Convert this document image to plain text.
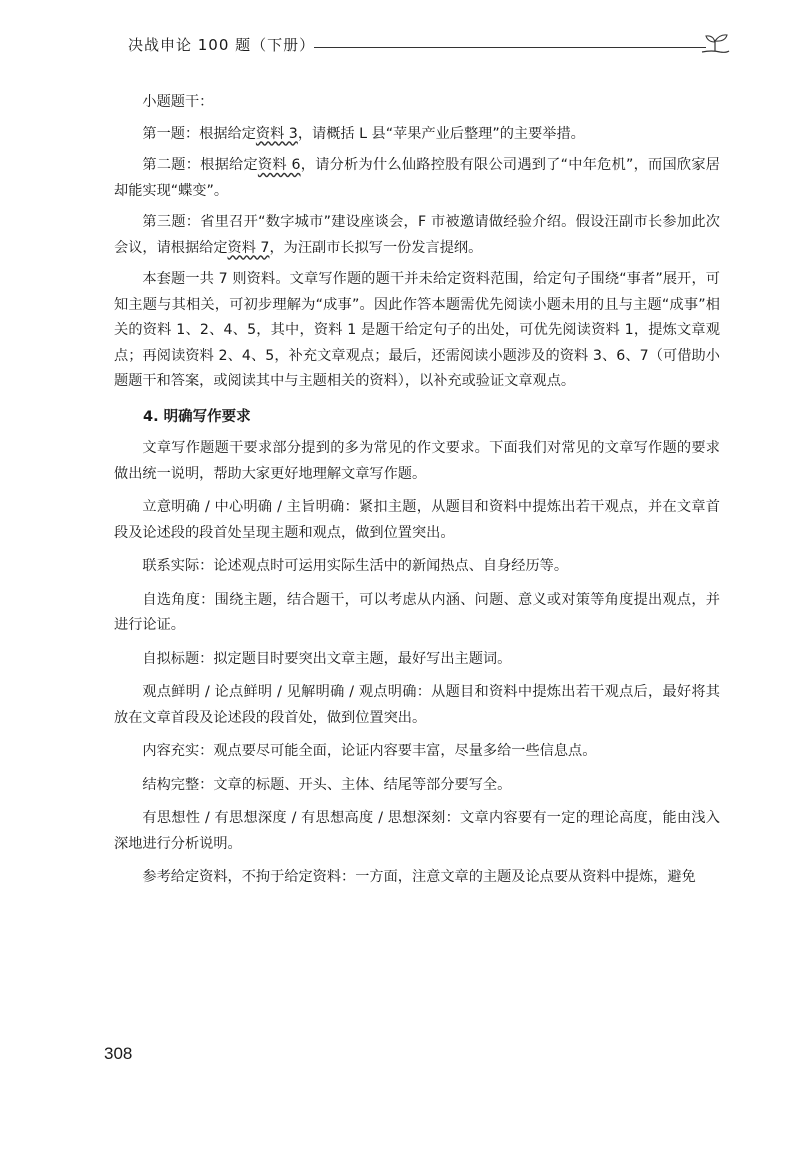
决战申论 100 题（下册）

小题题干：

第一题：根据给定资料 3，请概括 L 县“苹果产业后整理”的主要举措。

第二题：根据给定资料 6，请分析为什么仙路控股有限公司遇到了“中年危机”，而国欣家居却能实现“蝶变”。

第三题：省里召开“数字城市”建设座谈会，F 市被邀请做经验介绍。假设汪副市长参加此次会议，请根据给定资料 7，为汪副市长拟写一份发言提纲。

本套题一共 7 则资料。文章写作题的题干并未给定资料范围，给定句子围绕“事者”展开，可知主题与其相关，可初步理解为“成事”。因此作答本题需优先阅读小题未用的且与主题“成事”相关的资料 1、2、4、5，其中，资料 1 是题干给定句子的出处，可优先阅读资料 1，提炼文章观点；再阅读资料 2、4、5，补充文章观点；最后，还需阅读小题涉及的资料 3、6、7（可借助小题题干和答案，或阅读其中与主题相关的资料），以补充或验证文章观点。

4. 明确写作要求

文章写作题题干要求部分提到的多为常见的作文要求。下面我们对常见的文章写作题的要求做出统一说明，帮助大家更好地理解文章写作题。

立意明确 / 中心明确 / 主旨明确：紧扣主题，从题目和资料中提炼出若干观点，并在文章首段及论述段的段首处呈现主题和观点，做到位置突出。

联系实际：论述观点时可运用实际生活中的新闻热点、自身经历等。

自选角度：围绕主题，结合题干，可以考虑从内涵、问题、意义或对策等角度提出观点，并进行论证。

自拟标题：拟定题目时要突出文章主题，最好写出主题词。

观点鲜明 / 论点鲜明 / 见解明确 / 观点明确：从题目和资料中提炼出若干观点后，最好将其放在文章首段及论述段的段首处，做到位置突出。

内容充实：观点要尽可能全面，论证内容要丰富，尽量多给一些信息点。

结构完整：文章的标题、开头、主体、结尾等部分要写全。

有思想性 / 有思想深度 / 有思想高度 / 思想深刻：文章内容要有一定的理论高度，能由浅入深地进行分析说明。

参考给定资料，不拘于给定资料：一方面，注意文章的主题及论点要从资料中提炼，避免

308
